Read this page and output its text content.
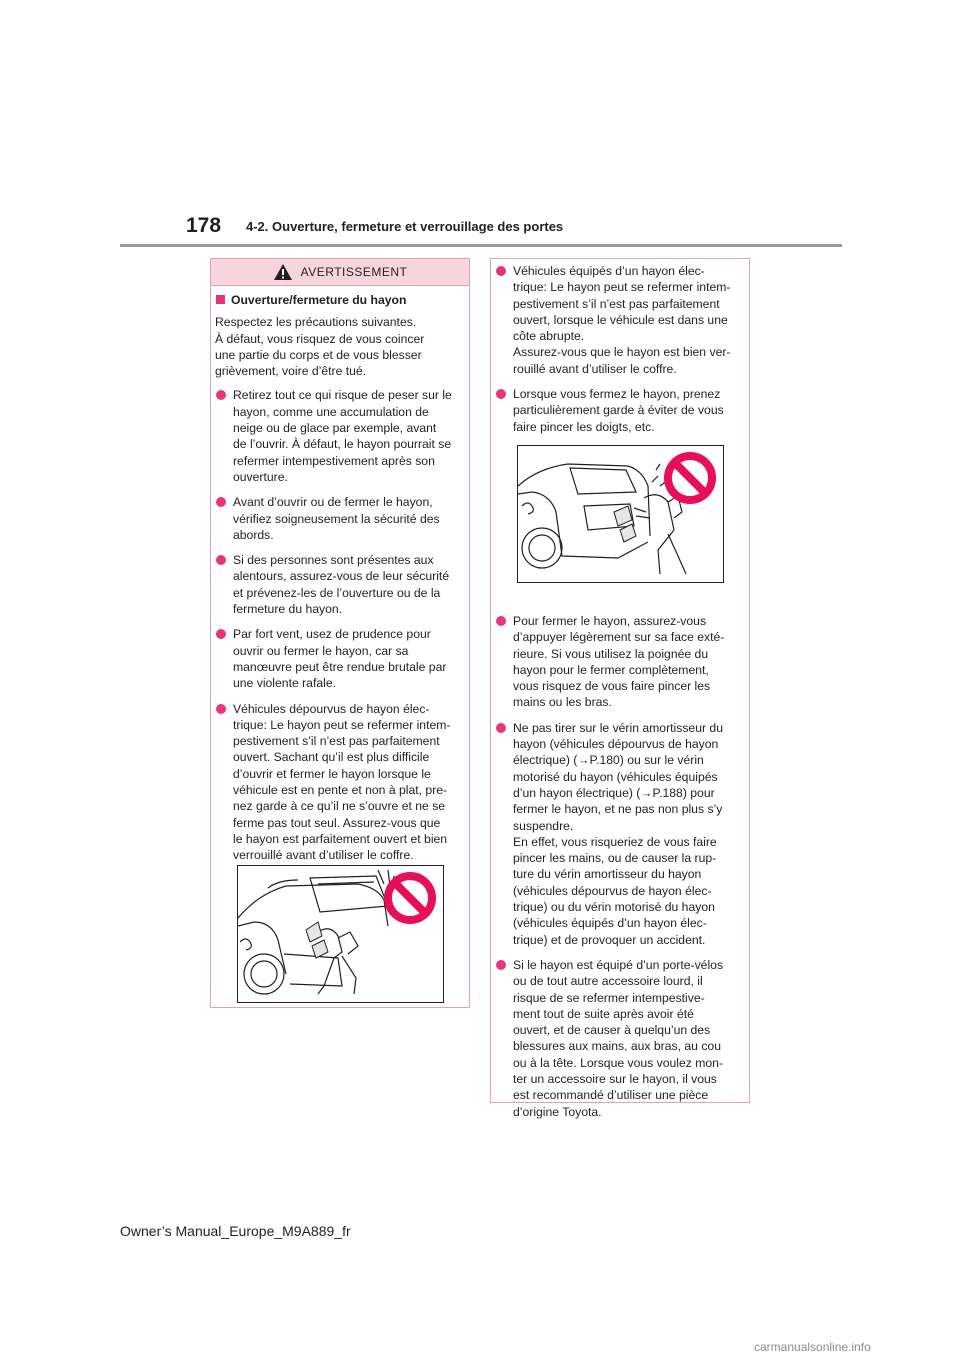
178 4-2. Ouverture, fermeture et verrouillage des portes
AVERTISSEMENT
Ouverture/fermeture du hayon

Respectez les précautions suivantes.
À défaut, vous risquez de vous coincer
une partie du corps et de vous blesser
grièvement, voire d’être tué.

Retirez tout ce qui risque de peser sur le
hayon, comme une accumulation de
neige ou de glace par exemple, avant
de l’ouvrir. À défaut, le hayon pourrait se
refermer intempestivement après son
ouverture.
Avant d’ouvrir ou de fermer le hayon,
vérifiez soigneusement la sécurité des
abords.
Si des personnes sont présentes aux
alentours, assurez-vous de leur sécurité
et prévenez-les de l’ouverture ou de la
fermeture du hayon.
Par fort vent, usez de prudence pour
ouvrir ou fermer le hayon, car sa
manœuvre peut être rendue brutale par
une violente rafale.
Véhicules dépourvus de hayon élec-
trique: Le hayon peut se refermer intem-
pestivement s’il n’est pas parfaitement
ouvert. Sachant qu’il est plus difficile
d’ouvrir et fermer le hayon lorsque le
véhicule est en pente et non à plat, pre-
nez garde à ce qu’il ne s’ouvre et ne se
ferme pas tout seul. Assurez-vous que
le hayon est parfaitement ouvert et bien
verrouillé avant d’utiliser le coffre.
Véhicules équipés d’un hayon élec-
trique: Le hayon peut se refermer intem-
pestivement s’il n’est pas parfaitement
ouvert, lorsque le véhicule est dans une
côte abrupte.
Assurez-vous que le hayon est bien ver-
rouillé avant d’utiliser le coffre.
Lorsque vous fermez le hayon, prenez
particulièrement garde à éviter de vous
faire pincer les doigts, etc.
Pour fermer le hayon, assurez-vous
d’appuyer légèrement sur sa face exté-
rieure. Si vous utilisez la poignée du
hayon pour le fermer complètement,
vous risquez de vous faire pincer les
mains ou les bras.
Ne pas tirer sur le vérin amortisseur du
hayon (véhicules dépourvus de hayon
électrique) (→P.180) ou sur le vérin
motorisé du hayon (véhicules équipés
d’un hayon électrique) (→P.188) pour
fermer le hayon, et ne pas non plus s’y
suspendre.
En effet, vous risqueriez de vous faire
pincer les mains, ou de causer la rup-
ture du vérin amortisseur du hayon
(véhicules dépourvus de hayon élec-
trique) ou du vérin motorisé du hayon
(véhicules équipés d’un hayon élec-
trique) et de provoquer un accident.
Si le hayon est équipé d’un porte-vélos
ou de tout autre accessoire lourd, il
risque de se refermer intempestive-
ment tout de suite après avoir été
ouvert, et de causer à quelqu’un des
blessures aux mains, aux bras, au cou
ou à la tête. Lorsque vous voulez mon-
ter un accessoire sur le hayon, il vous
est recommandé d’utiliser une pièce
d’origine Toyota.
Owner’s Manual_Europe_M9A889_fr
carmanualsonline.info
